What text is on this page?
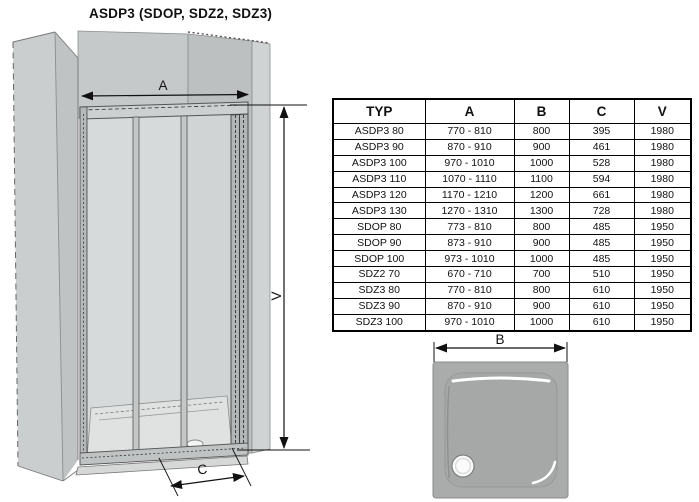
ASDP3 (SDOP, SDZ2, SDZ3)
A
V
C
TYP	A	B	C	V
ASDP3 80	770 - 810	800	395	1980
ASDP3 90	870 - 910	900	461	1980
ASDP3 100	970 - 1010	1000	528	1980
ASDP3 110	1070 - 1110	1100	594	1980
ASDP3 120	1170 - 1210	1200	661	1980
ASDP3 130	1270 - 1310	1300	728	1980
SDOP 80	773 - 810	800	485	1950
SDOP 90	873 - 910	900	485	1950
SDOP 100	973 - 1010	1000	485	1950
SDZ2 70	670 - 710	700	510	1950
SDZ3 80	770 - 810	800	610	1950
SDZ3 90	870 - 910	900	610	1950
SDZ3 100	970 - 1010	1000	610	1950
B
